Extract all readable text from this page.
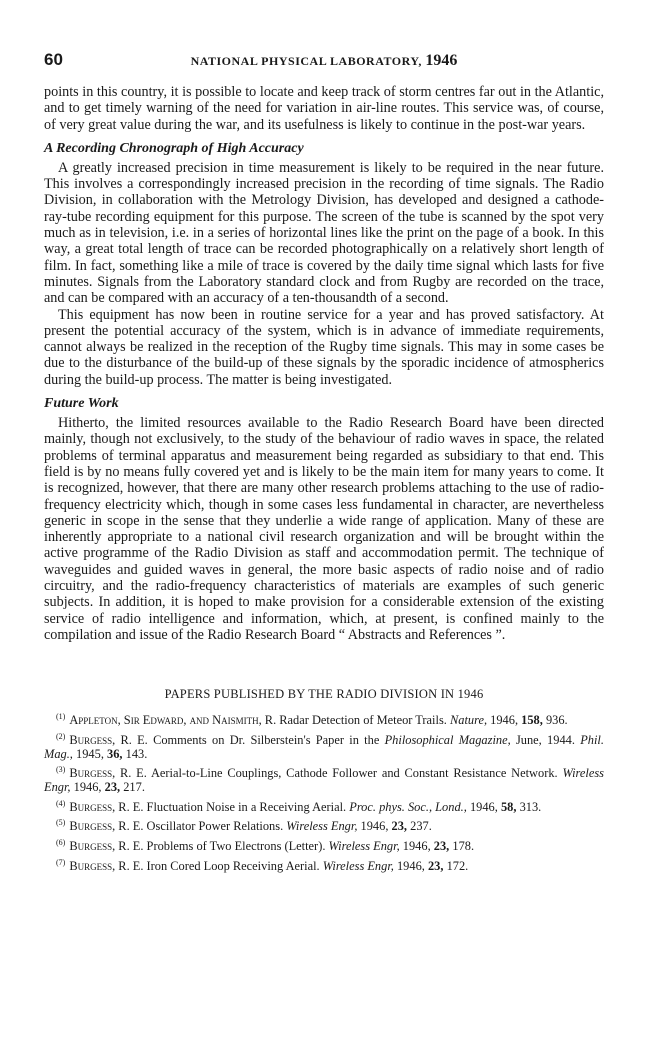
60	NATIONAL PHYSICAL LABORATORY, 1946

points in this country, it is possible to locate and keep track of storm centres far out in the Atlantic, and to get timely warning of the need for variation in air-line routes. This service was, of course, of very great value during the war, and its usefulness is likely to continue in the post-war years.

A Recording Chronograph of High Accuracy

A greatly increased precision in time measurement is likely to be required in the near future. This involves a correspondingly increased precision in the recording of time signals. The Radio Division, in collaboration with the Metrology Division, has developed and designed a cathode-ray-tube recording equipment for this purpose. The screen of the tube is scanned by the spot very much as in television, i.e. in a series of horizontal lines like the print on the page of a book. In this way, a great total length of trace can be recorded photographically on a relatively short length of film. In fact, something like a mile of trace is covered by the daily time signal which lasts for five minutes. Signals from the Laboratory standard clock and from Rugby are recorded on the trace, and can be compared with an accuracy of a ten-thousandth of a second.

This equipment has now been in routine service for a year and has proved satisfactory. At present the potential accuracy of the system, which is in advance of immediate requirements, cannot always be realized in the reception of the Rugby time signals. This may in some cases be due to the disturbance of the build-up of these signals by the sporadic incidence of atmospherics during the build-up process. The matter is being investigated.

Future Work

Hitherto, the limited resources available to the Radio Research Board have been directed mainly, though not exclusively, to the study of the behaviour of radio waves in space, the related problems of terminal apparatus and measurement being regarded as subsidiary to that end. This field is by no means fully covered yet and is likely to be the main item for many years to come. It is recognized, however, that there are many other research problems attaching to the use of radio-frequency electricity which, though in some cases less fundamental in character, are nevertheless generic in scope in the sense that they underlie a wide range of application. Many of these are inherently appropriate to a national civil research organization and will be brought within the active programme of the Radio Division as staff and accommodation permit. The technique of waveguides and guided waves in general, the more basic aspects of radio noise and of radio circuitry, and the radio-frequency characteristics of materials are examples of such generic subjects. In addition, it is hoped to make provision for a considerable extension of the existing service of radio intelligence and information, which, at present, is confined mainly to the compilation and issue of the Radio Research Board “ Abstracts and References ”.

PAPERS PUBLISHED BY THE RADIO DIVISION IN 1946

$^{(1)}$ Appleton, Sir Edward, and Naismith, R. Radar Detection of Meteor Trails. Nature, 1946, 158, 936.

$^{(2)}$ Burgess, R. E. Comments on Dr. Silberstein's Paper in the Philosophical Magazine, June, 1944. Phil. Mag., 1945, 36, 143.

$^{(3)}$ Burgess, R. E. Aerial-to-Line Couplings, Cathode Follower and Constant Resistance Network. Wireless Engr, 1946, 23, 217.

$^{(4)}$ Burgess, R. E. Fluctuation Noise in a Receiving Aerial. Proc. phys. Soc., Lond., 1946, 58, 313.

$^{(5)}$ Burgess, R. E. Oscillator Power Relations. Wireless Engr, 1946, 23, 237.

$^{(6)}$ Burgess, R. E. Problems of Two Electrons (Letter). Wireless Engr, 1946, 23, 178.

$^{(7)}$ Burgess, R. E. Iron Cored Loop Receiving Aerial. Wireless Engr, 1946, 23, 172.
